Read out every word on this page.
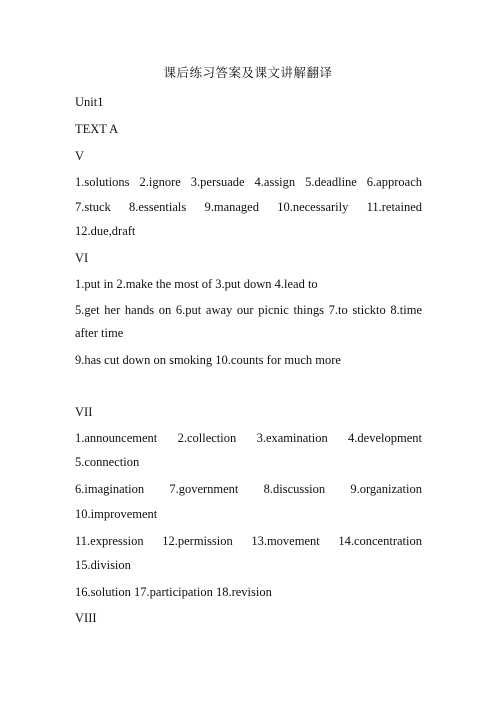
课后练习答案及课文讲解翻译
Unit1
TEXT A
V
1.solutions 2.ignore 3.persuade 4.assign 5.deadline 6.approach
7.stuck 8.essentials 9.managed 10.necessarily 11.retained
12.due,draft
VI
1.put in 2.make the most of 3.put down 4.lead to
5.get her hands on 6.put away our picnic things 7.to stickto 8.time
after time
9.has cut down on smoking 10.counts for much more
VII
1.announcement 2.collection 3.examination 4.development
5.connection
6.imagination 7.government 8.discussion 9.organization
10.improvement
11.expression 12.permission 13.movement 14.concentration
15.division
16.solution 17.participation 18.revision
VIII
